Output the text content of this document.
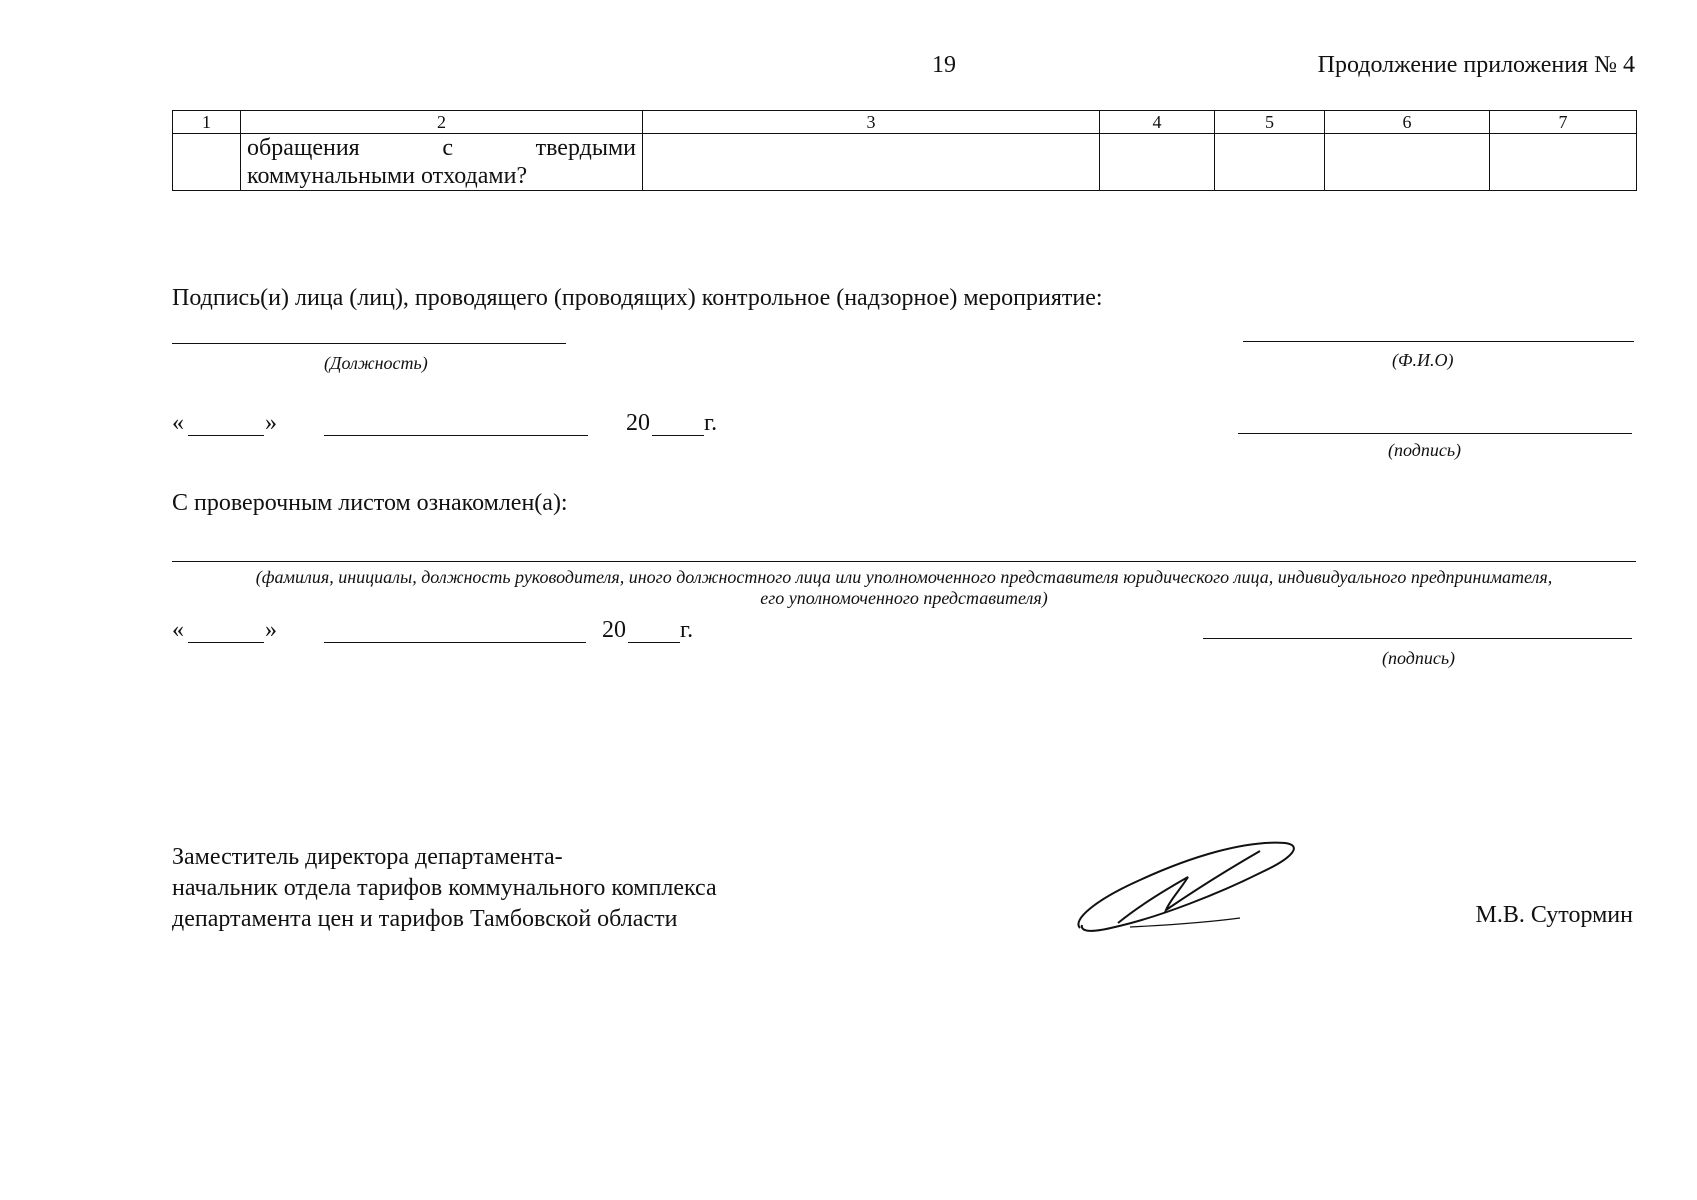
19	Продолжение приложения № 4
1	2	3	4	5	6	7

	обращения с твердыми
коммунальными отходами?					

Подпись(и) лица (лиц), проводящего (проводящих) контрольное (надзорное) мероприятие:
(Должность)	(Ф.И.О)
«	»	20 г.
(подпись)
С проверочным листом ознакомлен(а):
(фамилия, инициалы, должность руководителя, иного должностного лица или уполномоченного представителя юридического лица, индивидуального предпринимателя,
его уполномоченного представителя)
«	»	20 г.
(подпись)
Заместитель директора департамента-
начальник отдела тарифов коммунального комплекса
департамента цен и тарифов Тамбовской области	М.В. Сутормин
